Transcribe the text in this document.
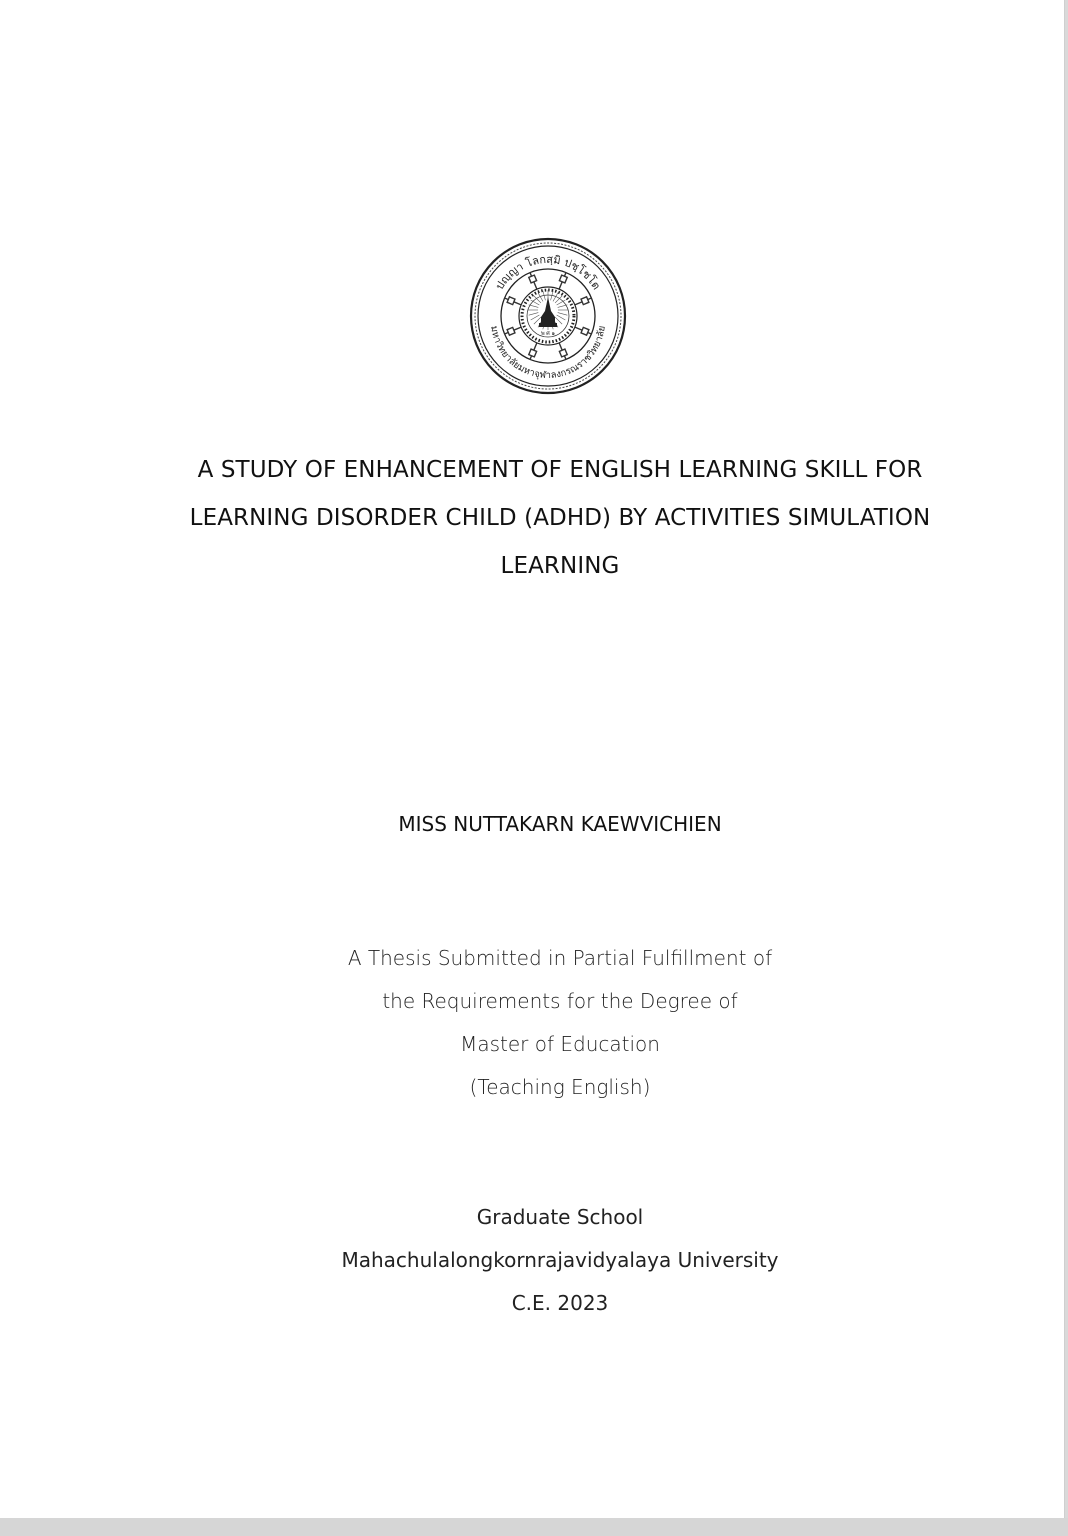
ปญฺญา โลกสฺมิ ปชฺโชโต
มหาวิทยาลัยมหาจุฬาลงกรณราชวิทยาลัย
พ ศ ๑
A STUDY OF ENHANCEMENT OF ENGLISH LEARNING SKILL FOR
LEARNING DISORDER CHILD (ADHD) BY ACTIVITIES SIMULATION
LEARNING
MISS NUTTAKARN KAEWVICHIEN
A Thesis Submitted in Partial Fulfillment of
the Requirements for the Degree of
Master of Education
(Teaching English)
Graduate School
Mahachulalongkornrajavidyalaya University
C.E. 2023
